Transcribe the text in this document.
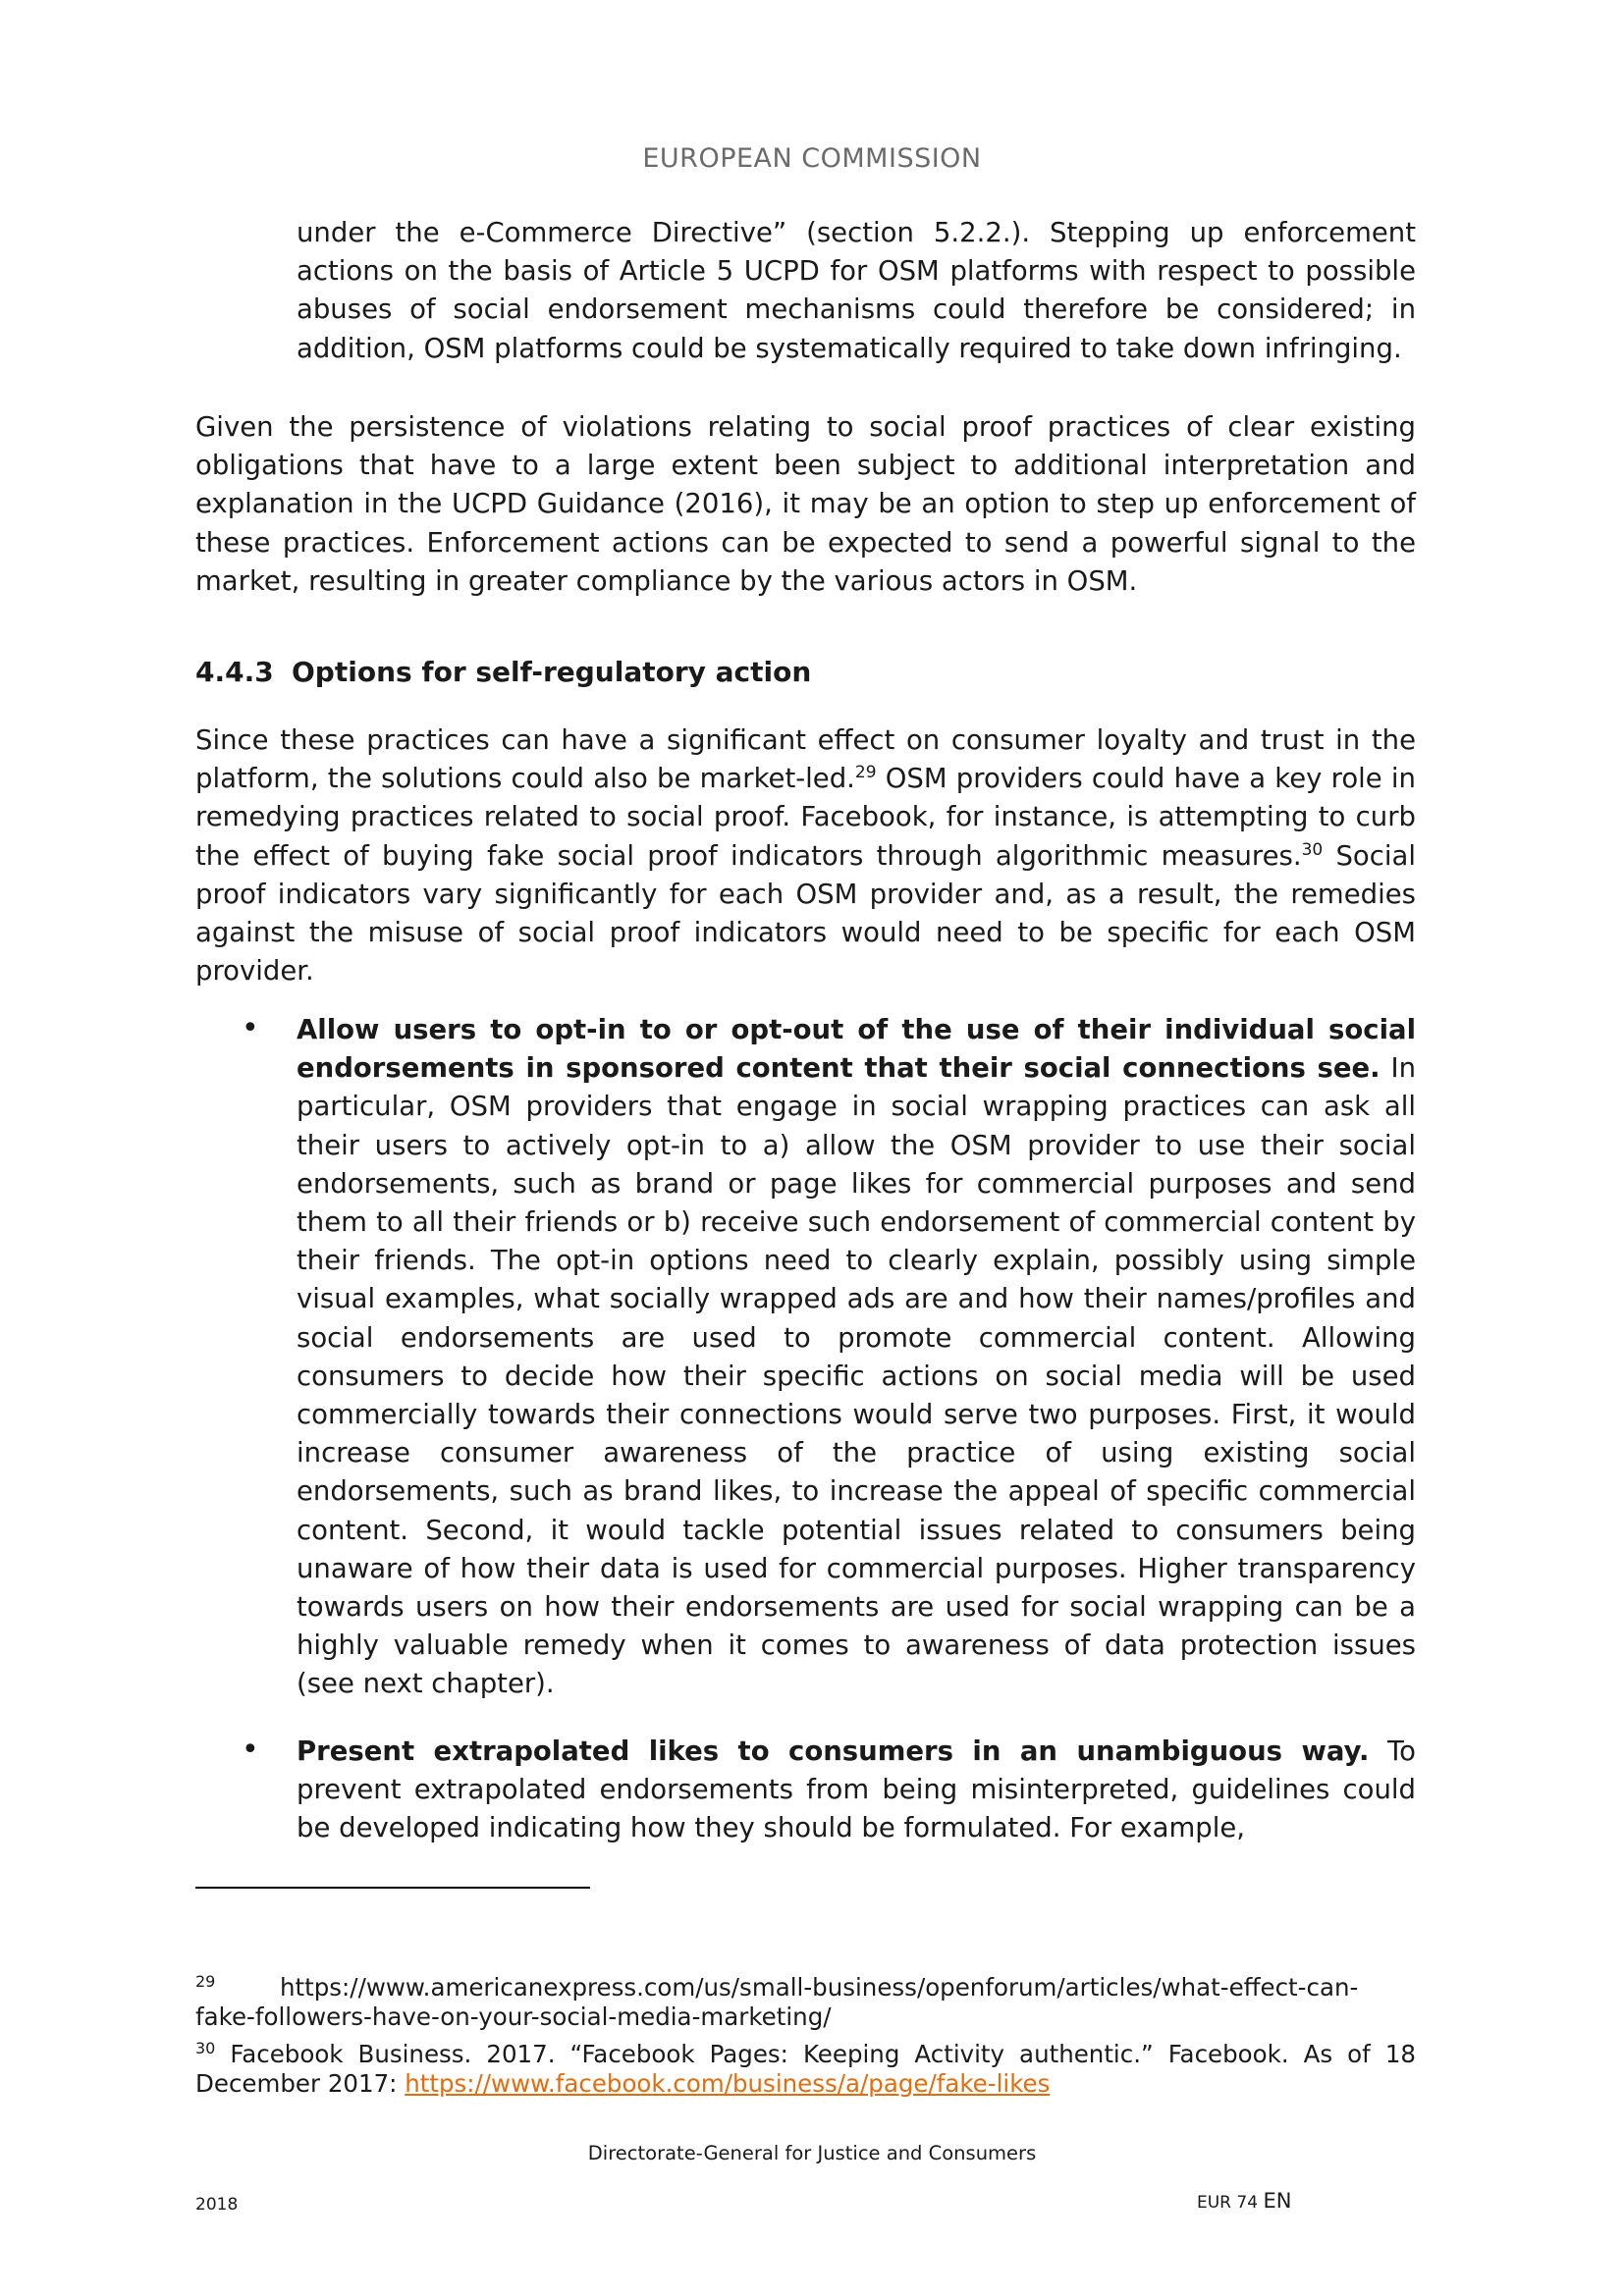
EUROPEAN COMMISSION
under the e-Commerce Directive” (section 5.2.2.). Stepping up enforcement actions on the basis of Article 5 UCPD for OSM platforms with respect to possible abuses of social endorsement mechanisms could therefore be considered; in addition, OSM platforms could be systematically required to take down infringing.
Given the persistence of violations relating to social proof practices of clear existing obligations that have to a large extent been subject to additional interpretation and explanation in the UCPD Guidance (2016), it may be an option to step up enforcement of these practices. Enforcement actions can be expected to send a powerful signal to the market, resulting in greater compliance by the various actors in OSM.
4.4.3 Options for self-regulatory action
Since these practices can have a significant effect on consumer loyalty and trust in the platform, the solutions could also be market-led.$^{29}$ OSM providers could have a key role in remedying practices related to social proof. Facebook, for instance, is attempting to curb the effect of buying fake social proof indicators through algorithmic measures.$^{30}$ Social proof indicators vary significantly for each OSM provider and, as a result, the remedies against the misuse of social proof indicators would need to be specific for each OSM provider.
• Allow users to opt-in to or opt-out of the use of their individual social endorsements in sponsored content that their social connections see. In particular, OSM providers that engage in social wrapping practices can ask all their users to actively opt-in to a) allow the OSM provider to use their social endorsements, such as brand or page likes for commercial purposes and send them to all their friends or b) receive such endorsement of commercial content by their friends. The opt-in options need to clearly explain, possibly using simple visual examples, what socially wrapped ads are and how their names/profiles and social endorsements are used to promote commercial content. Allowing consumers to decide how their specific actions on social media will be used commercially towards their connections would serve two purposes. First, it would increase consumer awareness of the practice of using existing social endorsements, such as brand likes, to increase the appeal of specific commercial content. Second, it would tackle potential issues related to consumers being unaware of how their data is used for commercial purposes. Higher transparency towards users on how their endorsements are used for social wrapping can be a highly valuable remedy when it comes to awareness of data protection issues (see next chapter).
• Present extrapolated likes to consumers in an unambiguous way. To prevent extrapolated endorsements from being misinterpreted, guidelines could be developed indicating how they should be formulated. For example,
$^{29}$	https://www.americanexpress.com/us/small-business/openforum/articles/what-effect-can-fake-followers-have-on-your-social-media-marketing/
$^{30}$ Facebook Business. 2017. “Facebook Pages: Keeping Activity authentic.” Facebook. As of 18 December 2017: https://www.facebook.com/business/a/page/fake-likes
Directorate-General for Justice and Consumers
2018	EUR 74 EN
